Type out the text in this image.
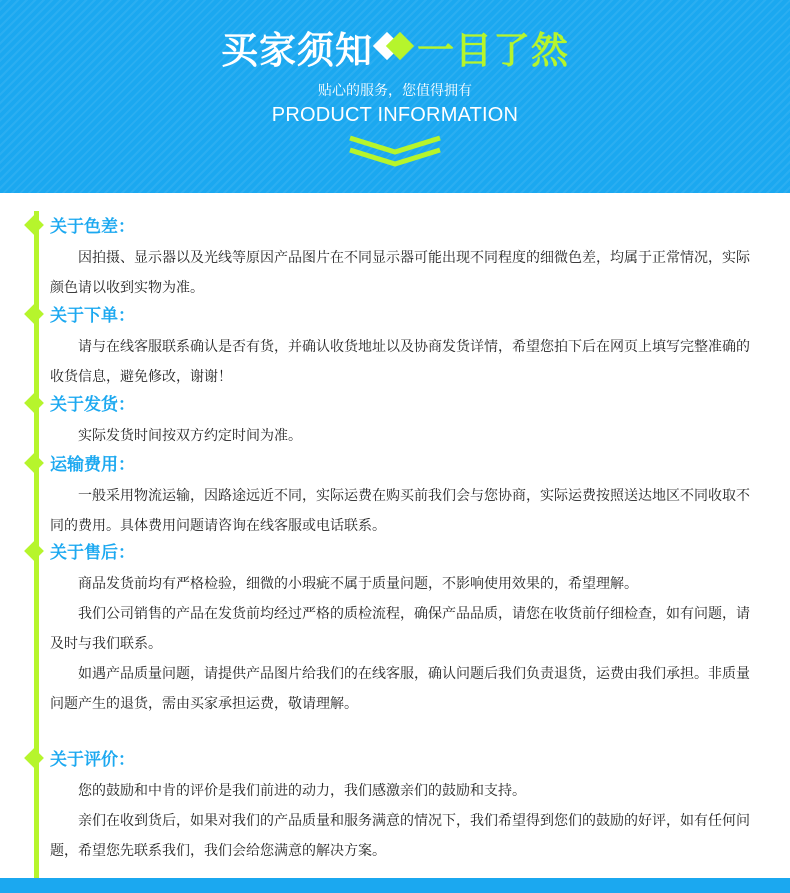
买家须知 一目了然
贴心的服务，您值得拥有
PRODUCT INFORMATION
关于色差：

因拍摄、显示器以及光线等原因产品图片在不同显示器可能出现不同程度的细微色差，均属于正常情况，实际颜色请以收到实物为准。

关于下单：

请与在线客服联系确认是否有货，并确认收货地址以及协商发货详情，希望您拍下后在网页上填写完整准确的收货信息，避免修改，谢谢！

关于发货：

实际发货时间按双方约定时间为准。

运输费用：

一般采用物流运输，因路途远近不同，实际运费在购买前我们会与您协商，实际运费按照送达地区不同收取不同的费用。具体费用问题请咨询在线客服或电话联系。

关于售后：

商品发货前均有严格检验，细微的小瑕疵不属于质量问题，不影响使用效果的，希望理解。

我们公司销售的产品在发货前均经过严格的质检流程，确保产品品质，请您在收货前仔细检查，如有问题，请及时与我们联系。

如遇产品质量问题，请提供产品图片给我们的在线客服，确认问题后我们负责退货，运费由我们承担。非质量问题产生的退货，需由买家承担运费，敬请理解。

关于评价：

您的鼓励和中肯的评价是我们前进的动力，我们感激亲们的鼓励和支持。

亲们在收到货后，如果对我们的产品质量和服务满意的情况下，我们希望得到您们的鼓励的好评，如有任何问题，希望您先联系我们，我们会给您满意的解决方案。
